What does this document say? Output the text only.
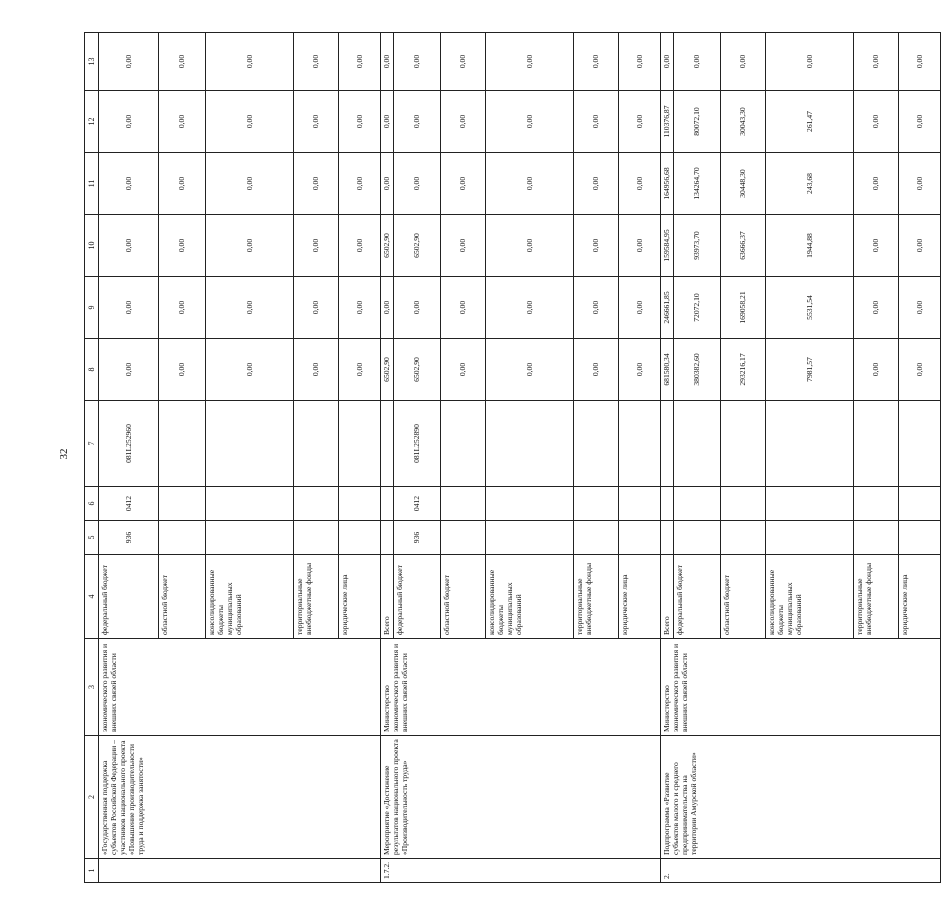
32
1	2	3	4	5	6	7	8	9	10	11	12	13
	«Государственная поддержка субъектов Российской Федерации – участников национального проекта «Повышение производительности труда и поддержка занятости»	экономического развития и внешних связей области	федеральный бюджет	936	0412	081L252960	0,00	0,00	0,00	0,00	0,00	0,00
			областной бюджет				0,00	0,00	0,00	0,00	0,00	0,00
			консолидированные бюджеты муниципальных образований				0,00	0,00	0,00	0,00	0,00	0,00
			территориальные внебюджетные фонды				0,00	0,00	0,00	0,00	0,00	0,00
			юридические лица				0,00	0,00	0,00	0,00	0,00	0,00
1.7.2.	Мероприятие «Достижение результатов национального проекта «Производительность труда»	Министерство экономического развития и внешних связей области	Всего				6502,90	0,00	6502,90	0,00	0,00	0,00
			федеральный бюджет	936	0412	081L252890	6502,90	0,00	6502,90	0,00	0,00	0,00
			областной бюджет				0,00	0,00	0,00	0,00	0,00	0,00
			консолидированные бюджеты муниципальных образований				0,00	0,00	0,00	0,00	0,00	0,00
			территориальные внебюджетные фонды				0,00	0,00	0,00	0,00	0,00	0,00
			юридические лица				0,00	0,00	0,00	0,00	0,00	0,00
2.	Подпрограмма «Развитие субъектов малого и среднего предпринимательства на территории Амурской области»	Министерство экономического развития и внешних связей области	Всего				681580,34	246661,85	159584,95	164956,68	110376,87	0,00
			федеральный бюджет				380382,60	72072,10	93973,70	134264,70	80072,10	0,00
			областной бюджет				293216,17	169058,21	63666,37	30448,30	30043,30	0,00
			консолидированные бюджеты муниципальных образований				7981,57	5531,54	1944,88	243,68	261,47	0,00
			территориальные внебюджетные фонды				0,00	0,00	0,00	0,00	0,00	0,00
			юридические лица				0,00	0,00	0,00	0,00	0,00	0,00
